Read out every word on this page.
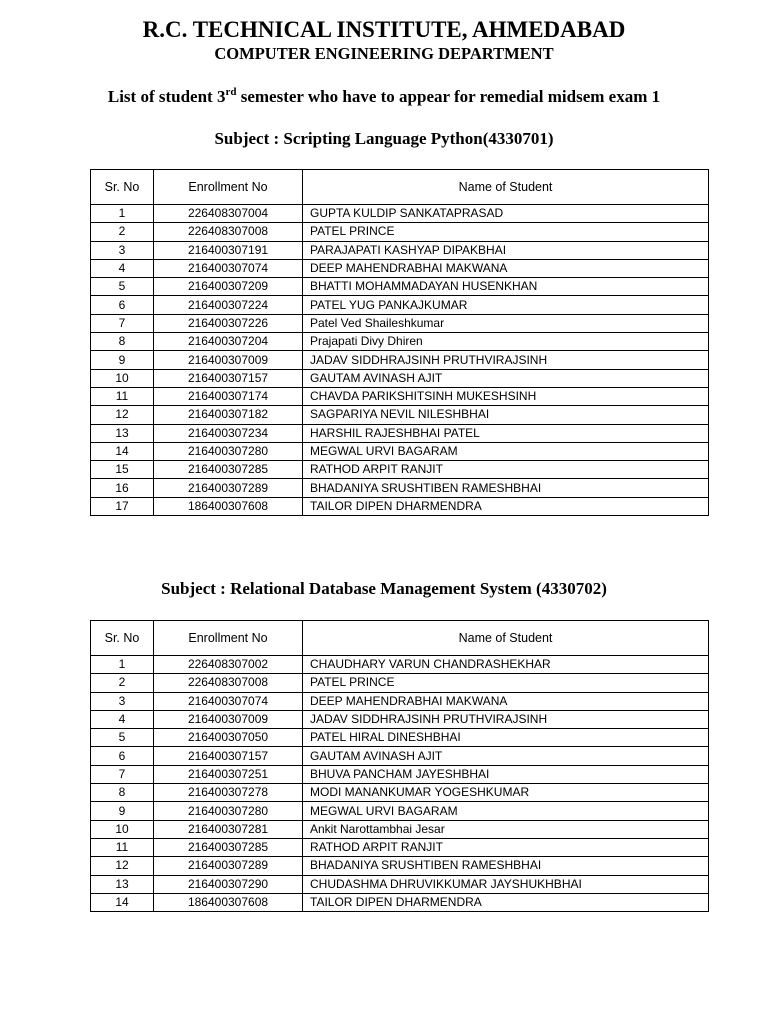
R.C. TECHNICAL INSTITUTE, AHMEDABAD
COMPUTER ENGINEERING DEPARTMENT
List of student 3rd semester who have to appear for remedial midsem exam 1
Subject : Scripting Language Python(4330701)
Sr. No	Enrollment No	Name of Student
1	226408307004	GUPTA KULDIP SANKATAPRASAD
2	226408307008	PATEL PRINCE
3	216400307191	PARAJAPATI KASHYAP DIPAKBHAI
4	216400307074	DEEP MAHENDRABHAI MAKWANA
5	216400307209	BHATTI MOHAMMADAYAN HUSENKHAN
6	216400307224	PATEL YUG PANKAJKUMAR
7	216400307226	Patel Ved Shaileshkumar
8	216400307204	Prajapati Divy Dhiren
9	216400307009	JADAV SIDDHRAJSINH PRUTHVIRAJSINH
10	216400307157	GAUTAM AVINASH AJIT
11	216400307174	CHAVDA PARIKSHITSINH MUKESHSINH
12	216400307182	SAGPARIYA NEVIL NILESHBHAI
13	216400307234	HARSHIL RAJESHBHAI PATEL
14	216400307280	MEGWAL URVI BAGARAM
15	216400307285	RATHOD ARPIT RANJIT
16	216400307289	BHADANIYA SRUSHTIBEN RAMESHBHAI
17	186400307608	TAILOR DIPEN DHARMENDRA
Subject : Relational Database Management System (4330702)
Sr. No	Enrollment No	Name of Student
1	226408307002	CHAUDHARY VARUN CHANDRASHEKHAR
2	226408307008	PATEL PRINCE
3	216400307074	DEEP MAHENDRABHAI MAKWANA
4	216400307009	JADAV SIDDHRAJSINH PRUTHVIRAJSINH
5	216400307050	PATEL HIRAL DINESHBHAI
6	216400307157	GAUTAM AVINASH AJIT
7	216400307251	BHUVA PANCHAM JAYESHBHAI
8	216400307278	MODI MANANKUMAR YOGESHKUMAR
9	216400307280	MEGWAL URVI BAGARAM
10	216400307281	Ankit Narottambhai Jesar
11	216400307285	RATHOD ARPIT RANJIT
12	216400307289	BHADANIYA SRUSHTIBEN RAMESHBHAI
13	216400307290	CHUDASHMA DHRUVIKKUMAR JAYSHUKHBHAI
14	186400307608	TAILOR DIPEN DHARMENDRA
